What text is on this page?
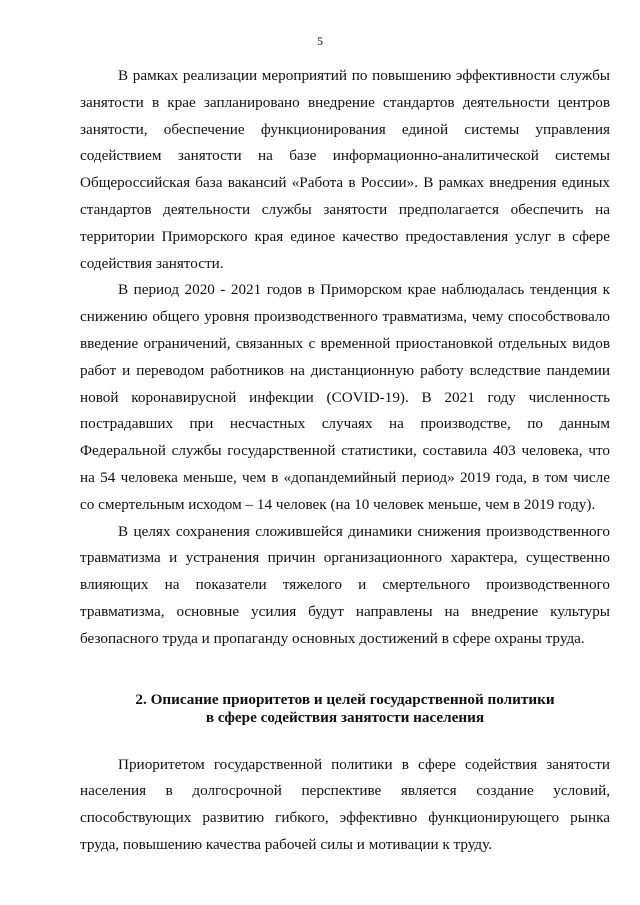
5

В рамках реализации мероприятий по повышению эффективности службы занятости в крае запланировано внедрение стандартов деятельности центров занятости, обеспечение функционирования единой системы управления содействием занятости на базе информационно-аналитической системы Общероссийская база вакансий «Работа в России». В рамках внедрения единых стандартов деятельности службы занятости предполагается обеспечить на территории Приморского края единое качество предоставления услуг в сфере содействия занятости.

В период 2020 - 2021 годов в Приморском крае наблюдалась тенденция к снижению общего уровня производственного травматизма, чему способствовало введение ограничений, связанных с временной приостановкой отдельных видов работ и переводом работников на дистанционную работу вследствие пандемии новой коронавирусной инфекции (COVID-19). В 2021 году численность пострадавших при несчастных случаях на производстве, по данным Федеральной службы государственной статистики, составила 403 человека, что на 54 человека меньше, чем в «допандемийный период» 2019 года, в том числе со смертельным исходом – 14 человек (на 10 человек меньше, чем в 2019 году).

В целях сохранения сложившейся динамики снижения производственного травматизма и устранения причин организационного характера, существенно влияющих на показатели тяжелого и смертельного производственного травматизма, основные усилия будут направлены на внедрение культуры безопасного труда и пропаганду основных достижений в сфере охраны труда.

2. Описание приоритетов и целей государственной политики
в сфере содействия занятости населения

Приоритетом государственной политики в сфере содействия занятости населения в долгосрочной перспективе является создание условий, способствующих развитию гибкого, эффективно функционирующего рынка труда, повышению качества рабочей силы и мотивации к труду.
